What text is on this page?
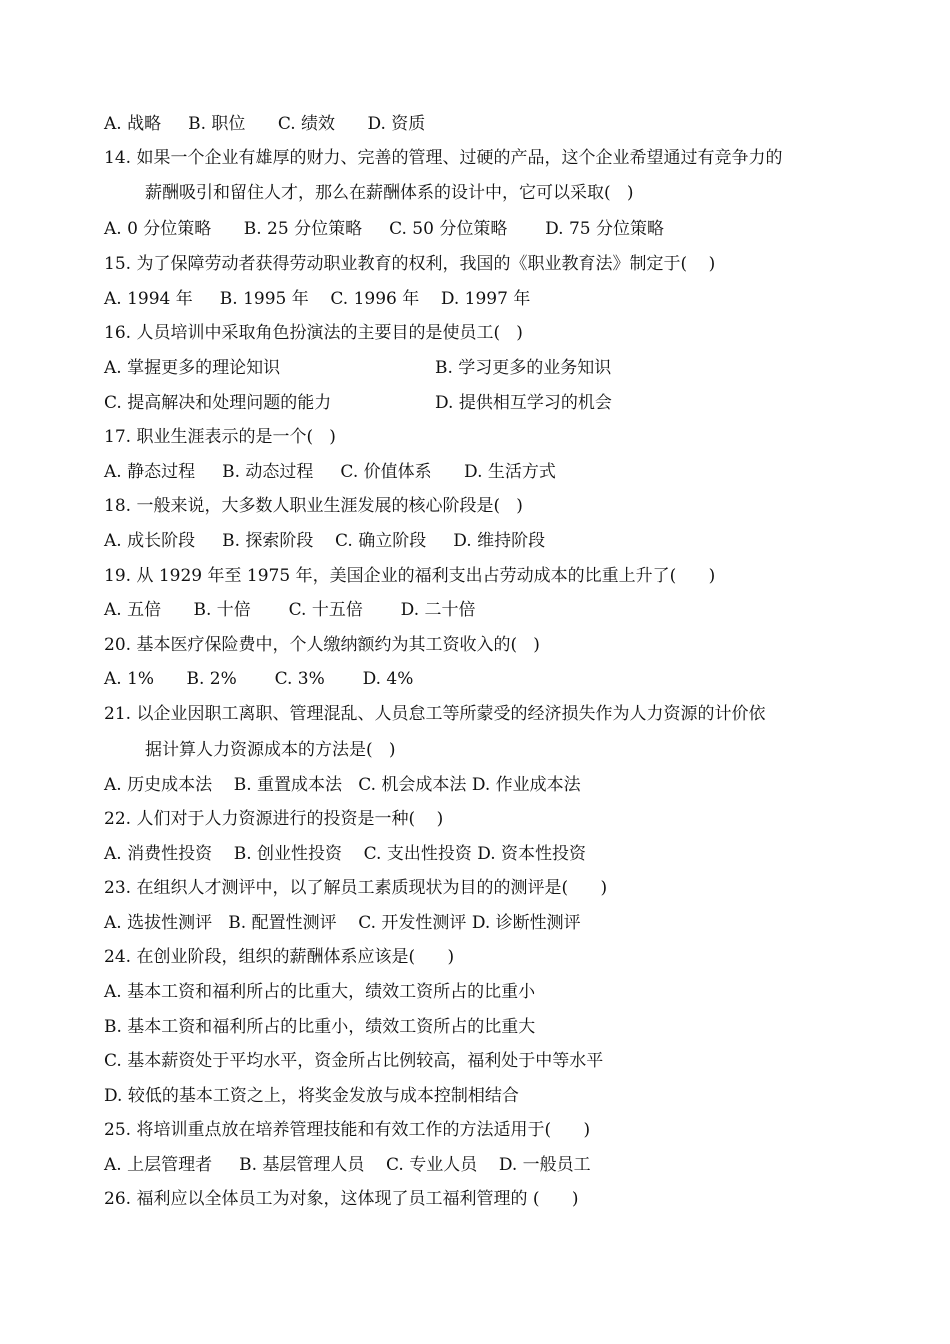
A. 战略     B. 职位      C. 绩效      D. 资质
14. 如果一个企业有雄厚的财力、完善的管理、过硬的产品，这个企业希望通过有竞争力的
薪酬吸引和留住人才，那么在薪酬体系的设计中，它可以采取(   )
A. 0 分位策略      B. 25 分位策略     C. 50 分位策略       D. 75 分位策略
15. 为了保障劳动者获得劳动职业教育的权利，我国的《职业教育法》制定于(    )
A. 1994 年     B. 1995 年    C. 1996 年    D. 1997 年
16. 人员培训中采取角色扮演法的主要目的是使员工(   )
A. 掌握更多的理论知识	B. 学习更多的业务知识
C. 提高解决和处理问题的能力	D. 提供相互学习的机会
17. 职业生涯表示的是一个(   )
A. 静态过程     B. 动态过程     C. 价值体系      D. 生活方式
18. 一般来说，大多数人职业生涯发展的核心阶段是(   )
A. 成长阶段     B. 探索阶段    C. 确立阶段     D. 维持阶段
19. 从 1929 年至 1975 年，美国企业的福利支出占劳动成本的比重上升了(      )
A. 五倍      B. 十倍       C. 十五倍       D. 二十倍
20. 基本医疗保险费中，个人缴纳额约为其工资收入的(   )
A. 1%      B. 2%       C. 3%       D. 4%
21. 以企业因职工离职、管理混乱、人员怠工等所蒙受的经济损失作为人力资源的计价依
据计算人力资源成本的方法是(   )
A. 历史成本法    B. 重置成本法   C. 机会成本法 D. 作业成本法
22. 人们对于人力资源进行的投资是一种(    )
A. 消费性投资    B. 创业性投资    C. 支出性投资 D. 资本性投资
23. 在组织人才测评中，以了解员工素质现状为目的的测评是(      )
A. 选拔性测评   B. 配置性测评    C. 开发性测评 D. 诊断性测评
24. 在创业阶段，组织的薪酬体系应该是(      )
A. 基本工资和福利所占的比重大，绩效工资所占的比重小
B. 基本工资和福利所占的比重小，绩效工资所占的比重大
C. 基本薪资处于平均水平，资金所占比例较高，福利处于中等水平
D. 较低的基本工资之上，将奖金发放与成本控制相结合
25. 将培训重点放在培养管理技能和有效工作的方法适用于(      )
A. 上层管理者     B. 基层管理人员    C. 专业人员    D. 一般员工
26. 福利应以全体员工为对象，这体现了员工福利管理的 (      )
